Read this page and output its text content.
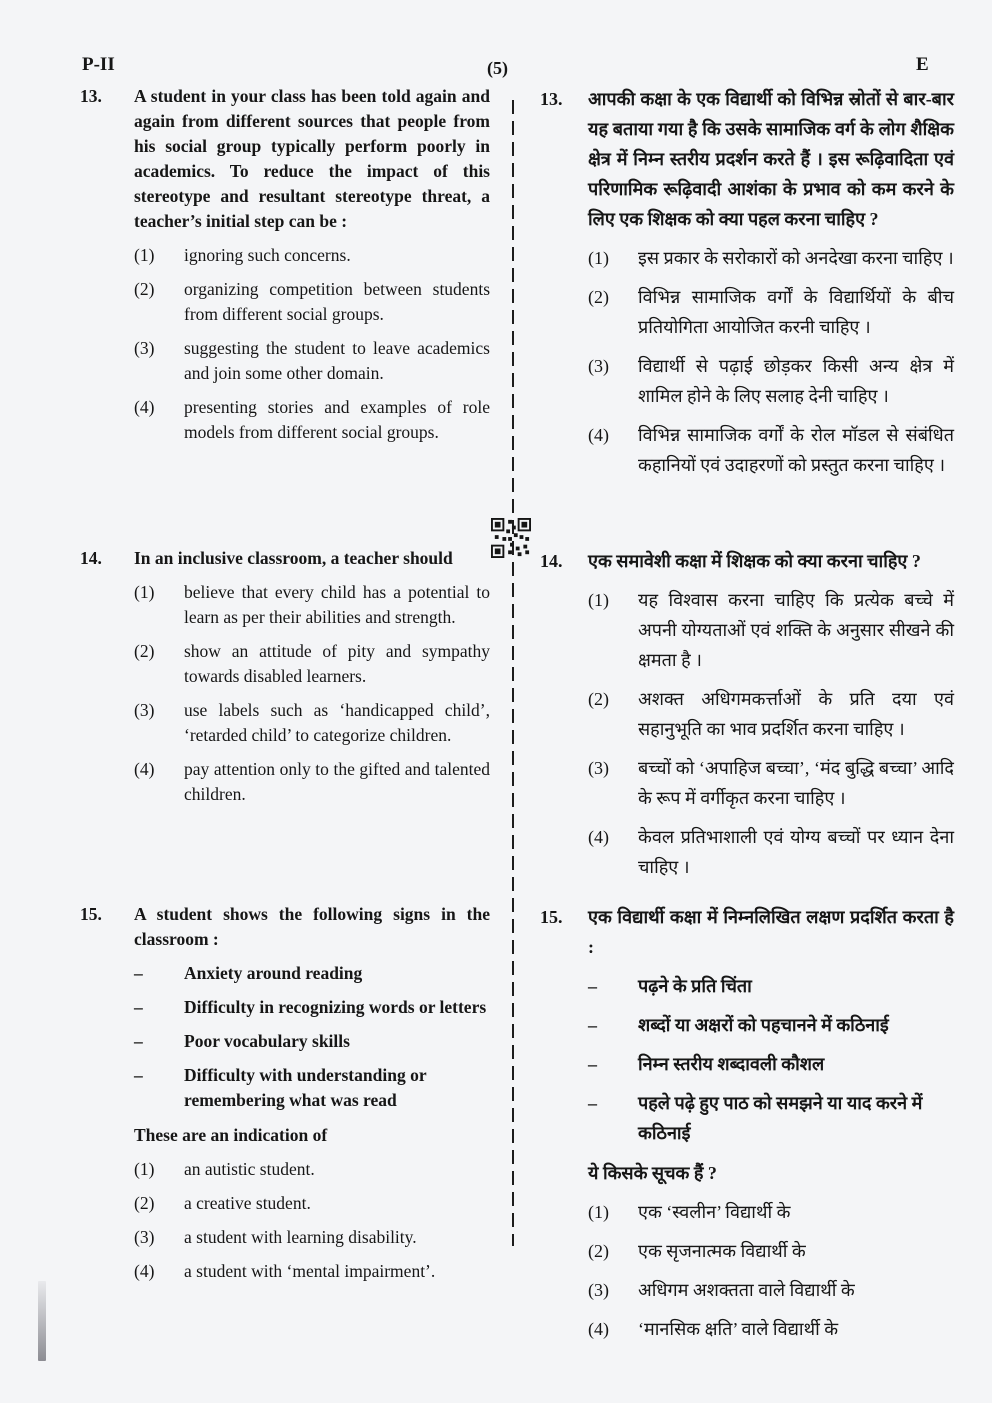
P-II	(5)	E
13.	A student in your class has been told again and again from different sources that people from his social group typically perform poorly in academics. To reduce the impact of this stereotype and resultant stereotype threat, a teacher’s initial step can be :

(1)	ignoring such concerns.
(2)	organizing competition between students from different social groups.
(3)	suggesting the student to leave academics and join some other domain.
(4)	presenting stories and examples of role models from different social groups.
14.	In an inclusive classroom, a teacher should

(1)	believe that every child has a potential to learn as per their abilities and strength.
(2)	show an attitude of pity and sympathy towards disabled learners.
(3)	use labels such as ‘handicapped child’, ‘retarded child’ to categorize children.
(4)	pay attention only to the gifted and talented children.
15.	A student shows the following signs in the classroom :

–	Anxiety around reading
–	Difficulty in recognizing words or letters
–	Poor vocabulary skills
–	Difficulty with understanding or remembering what was read

These are an indication of

(1)	an autistic student.
(2)	a creative student.
(3)	a student with learning disability.
(4)	a student with ‘mental impairment’.
13.	आपकी कक्षा के एक विद्यार्थी को विभिन्न स्रोतों से बार-बार यह बताया गया है कि उसके सामाजिक वर्ग के लोग शैक्षिक क्षेत्र में निम्न स्तरीय प्रदर्शन करते हैं । इस रूढ़िवादिता एवं परिणामिक रूढ़िवादी आशंका के प्रभाव को कम करने के लिए एक शिक्षक को क्या पहल करना चाहिए ?

(1)	इस प्रकार के सरोकारों को अनदेखा करना चाहिए ।
(2)	विभिन्न सामाजिक वर्गों के विद्यार्थियों के बीच प्रतियोगिता आयोजित करनी चाहिए ।
(3)	विद्यार्थी से पढ़ाई छोड़कर किसी अन्य क्षेत्र में शामिल होने के लिए सलाह देनी चाहिए ।
(4)	विभिन्न सामाजिक वर्गों के रोल मॉडल से संबंधित कहानियों एवं उदाहरणों को प्रस्तुत करना चाहिए ।
14.	एक समावेशी कक्षा में शिक्षक को क्या करना चाहिए ?

(1)	यह विश्वास करना चाहिए कि प्रत्येक बच्चे में अपनी योग्यताओं एवं शक्ति के अनुसार सीखने की क्षमता है ।
(2)	अशक्त अधिगमकर्त्ताओं के प्रति दया एवं सहानुभूति का भाव प्रदर्शित करना चाहिए ।
(3)	बच्चों को ‘अपाहिज बच्चा’, ‘मंद बुद्धि बच्चा’ आदि के रूप में वर्गीकृत करना चाहिए ।
(4)	केवल प्रतिभाशाली एवं योग्य बच्चों पर ध्यान देना चाहिए ।
15.	एक विद्यार्थी कक्षा में निम्नलिखित लक्षण प्रदर्शित करता है :

–	पढ़ने के प्रति चिंता
–	शब्दों या अक्षरों को पहचानने में कठिनाई
–	निम्न स्तरीय शब्दावली कौशल
–	पहले पढ़े हुए पाठ को समझने या याद करने में कठिनाई

ये किसके सूचक हैं ?

(1)	एक ‘स्वलीन’ विद्यार्थी के
(2)	एक सृजनात्मक विद्यार्थी के
(3)	अधिगम अशक्तता वाले विद्यार्थी के
(4)	‘मानसिक क्षति’ वाले विद्यार्थी के
